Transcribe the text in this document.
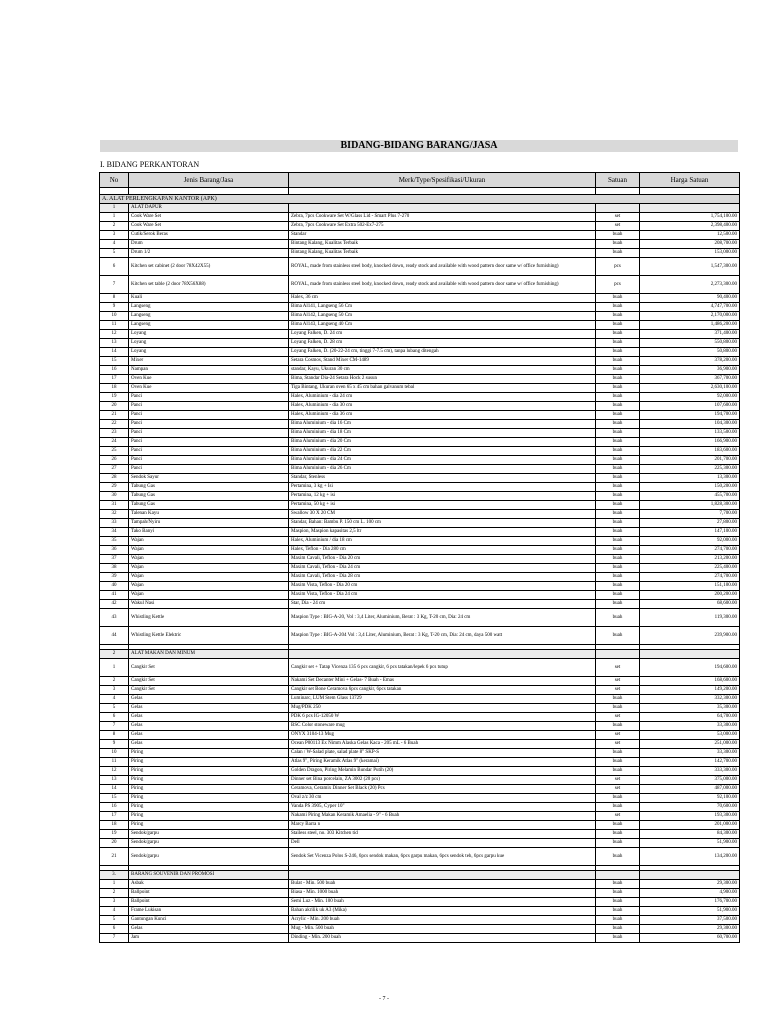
BIDANG-BIDANG BARANG/JASA
I. BIDANG PERKANTORAN
No	Jenis Barang/Jasa	Merk/Type/Spesifikasi/Ukuran	Satuan	Harga Satuan

A. ALAT PERLENGKAPAN KANTOR (APK)				
1	ALAT DAPUR			
1	Cook Ware Set	Zebra, 7pcs Cookware Set W/Glass Lid - Smart Plus 7-270	set	1,754,100.00
2	Cook Ware Set	Zebra, 7pcs Cookware Set Extra 502-Ex7-275	set	2,398,400.00
3	Cutik/Serok Beras	Standar	buah	12,500.00
4	Drum	Bintang Kalang, Kualitas Terbaik	buah	208,700.00
5	Drum 1/2	Bintang Kalang, Kualitas Terbaik	buah	153,000.00
6	Kitchen set cabinet (2 door 78X42X55)	ROYAL, made from stainless steel body, knocked down, ready stock and available with wood pattern door same w/ office furnishing)	pcs	1,547,300.00
7	Kitchen set table (2 door 78X56X88)	ROYAL, made from stainless steel body, knocked down, ready stock and available with wood pattern door same w/ office furnishing)	pcs	2,273,300.00
8	Kuali	Halex, 36 cm	buah	90,400.00
9	Langseng	Bima Al141, Langseng 56 Cm	buah	4,747,700.00
10	Langseng	Bima Al142, Langseng 50 Cm	buah	2,170,000.00
11	Langseng	Bima Al143, Langseng 40 Cm	buah	1,486,200.00
12	Loyang	Loyang Falken, D. 24 cm	buah	371,400.00
13	Loyang	Loyang Falken, D. 28 cm	buah	550,800.00
14	Loyang	Loyang Falken, D. (20-22-24 cm, tinggi 7-7.5 cm), tanpa lubang ditengah	buah	50,800.00
15	Mixer	Setara Cosmos, Stand Mixer CM-1489	buah	378,200.00
16	Nampan	standar, Kayu, Ukuran 30 cm	buah	36,900.00
17	Oven Kue	Bima, Standar Dia-24 Setara Hock 2 susun	buah	367,700.00
18	Oven Kue	Tiga Bintang, Ukuran oven 65 x 45 cm bahan galvanum tebal	buah	2,630,100.00
19	Panci	Halex, Aluminium - dia 24 cm	buah	92,000.00
20	Panci	Halex, Aluminium - dia 30 cm	buah	107,600.00
21	Panci	Halex, Aluminium - dia 36 cm	buah	194,700.00
22	Panci	Bima Aluminium - dia 16 Cm	buah	104,300.00
23	Panci	Bima Aluminium - dia 18 Cm	buah	133,500.00
24	Panci	Bima Aluminium - dia 20 Cm	buah	166,900.00
25	Panci	Bima Aluminium - dia 22 Cm	buah	183,600.00
26	Panci	Bima Aluminium - dia 24 Cm	buah	201,700.00
27	Panci	Bima Aluminium - dia 26 Cm	buah	225,300.00
28	Sendok Sayur	Standar, Stenless	buah	13,300.00
29	Tabung Gas	Pertamina, 3 kg + Isi	buah	150,200.00
30	Tabung Gas	Pertamina, 12 kg + isi	buah	455,700.00
31	Tabung Gas	Pertamina, 50 kg + isi	buah	1,828,300.00
32	Talenan Kayu	Swallow 30 X 20 CM	buah	7,700.00
33	Tampah/Nyiru	Standar, Bahan: Bambu P. 150 cm L. 100 cm	buah	27,800.00
34	Tako Banyi	Maspion, Maspion kapasitas 2,5 ltr	buah	147,100.00
35	Wajan	Halex, Aluminium / dia 18 cm	buah	92,000.00
36	Wajan	Halex, Teflon - Dia 280 cm	buah	274,700.00
37	Wajan	Maxim Cavali, Teflon - Dia 20 cm	buah	213,200.00
38	Wajan	Maxim Cavali, Teflon - Dia 24 cm	buah	225,400.00
39	Wajan	Maxim Cavali, Teflon - Dia 28 cm	buah	274,700.00
40	Wajan	Maxim Vista, Teflon - Dia 20 cm	buah	151,100.00
41	Wajan	Maxim Vista, Teflon - Dia 24 cm	buah	200,200.00
42	Wakul Nasi	Star, Dia - 24 cm	buah	68,600.00
43	Whistling Kettle	Maspion Type : BIG-A-20, Vol : 3,4 Liter, Aluminium, Berat : 3 Kg, T-20 cm, Dia: 24 cm	buah	119,300.00
44	Whistling Kettle Elektric	Maspion Type : BIG-A-204 Vol : 3,4 Liter, Aluminium, Berat : 3 Kg, T-20 cm, Dia: 24 cm, daya 500 watt	buah	239,900.00

2	ALAT MAKAN DAN MINUM			
1	Cangkir Set	Cangkir set + Tatap Vicenza 135 6 pcs cangkir, 6 pcs tatakan/lepek 6 pcs tutup	set	194,600.00
2	Cangkir Set	Nakami Set Decanter Mini + Gelas- 7 Buah - Emas	set	168,600.00
3	Cangkir Set	Cangkir set Bone Ceramova 6pcs cangkir, 6pcs tatakan	set	149,200.00
4	Gelas	Luminarc, LUM Stem Glass 13729	buah	332,300.00
5	Gelas	Mug/PDK 250	buah	35,300.00
6	Gelas	PDK 6 pcs IG-12050 W	set	64,700.00
7	Gelas	BSC Color stoneware mug	buah	33,300.00
8	Gelas	ONYX 3104-13 Mug	set	53,000.00
9	Gelas	Ocean P00113 Ex Nimm Alaska Gelas Kaca - 205 mL - 6 Buah	set	251,000.00
10	Piring	Calan / W-Salad plate, salad plate 8" SKP-S	buah	33,300.00
11	Piring	Atlas 9", Piring Keramik Atlas 9" (keramai)	buah	142,700.00
12	Piring	Golden Dragon, Piring Melamin Bundar Putih (20)	buah	333,300.00
13	Piring	Dinner set Bina porcelain, ZA 3002 (20 pcs)	set	375,000.00
14	Piring	Ceramova, Ceramix Dinner Set Black (20) Pcs	set	487,000.00
15	Piring	Oval z/z 30 cm	buah	92,100.00
16	Piring	Vanda PS 3905, Cyper 10"	buah	70,600.00
17	Piring	Nakami Piring Makan Keramik Amaelia - 9" - 6 Buah	set	193,300.00
18	Piring	Marcy Barra n	buah	201,000.00
19	Sendok/garpu	Stailess steel, no. 303 Kitchen tid	buah	84,300.00
20	Sendok/garpu	Dell	buah	51,900.00
21	Sendok/garpu	Sendok Set Vicenza Polos S-246, 6pcs sendok makan, 6pcs garpu makan, 6pcs sendok teh, 6pcs garpu kue	buah	134,200.00

3.	BARANG SOUVENIR DAN PROMOSI			
1	Asbak	Bulat - Min. 500 buah	buah	29,300.00
2	Ballpoint	Biasa - Min. 1000 buah	buah	4,900.00
3	Ballpoint	Semi Luz - Min. 100 buah	buah	176,700.00
4	Frame Lukisan	Bahan akrilik uk A3 (Mika)	buah	51,900.00
5	Gantungan Kunci	Acrylic - Min. 200 buah	buah	37,500.00
6	Gelas	Mug - Min. 500 buah	buah	29,300.00
7	Jam	Dinding - Min. 200 buah	buah	60,700.00
- 7 -
